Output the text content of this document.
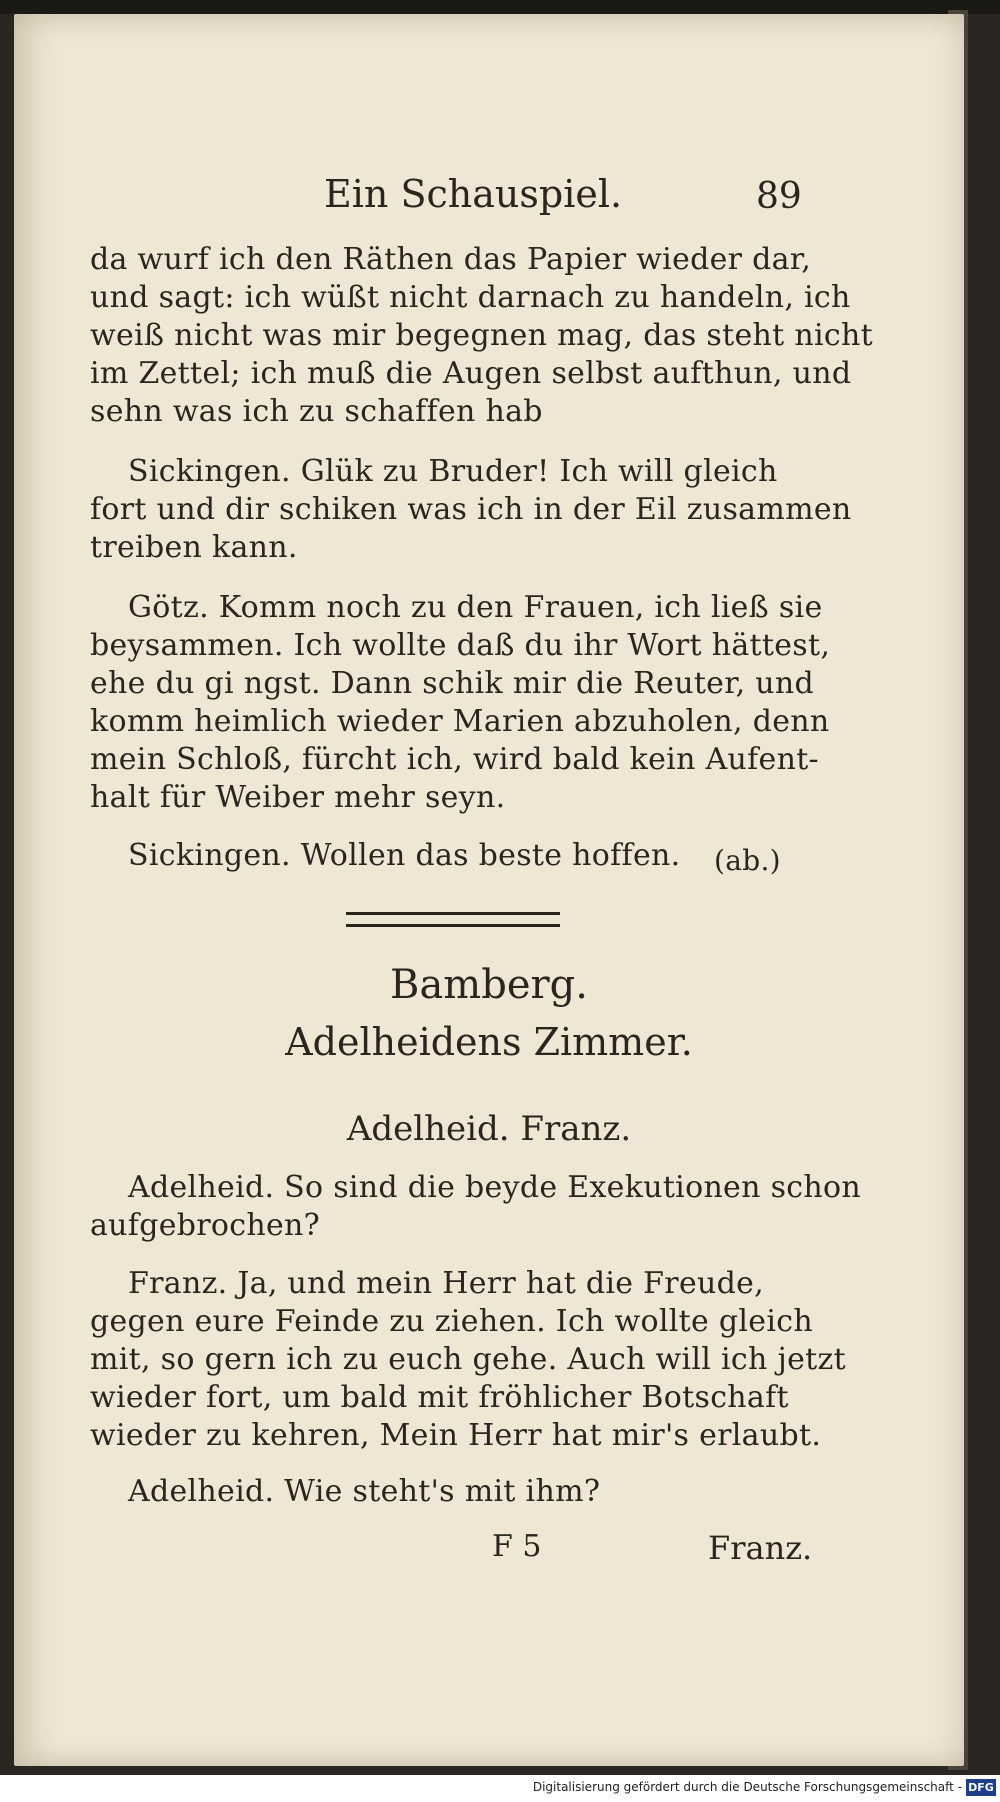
Ein Schauspiel.	89
da wurf ich den Räthen das Papier wieder dar,
und sagt: ich wüßt nicht darnach zu handeln, ich
weiß nicht was mir begegnen mag, das steht nicht
im Zettel; ich muß die Augen selbst aufthun, und
sehn was ich zu schaffen hab
Sickingen. Glük zu Bruder! Ich will gleich
fort und dir schiken was ich in der Eil zusammen
treiben kann.
Götz. Komm noch zu den Frauen, ich ließ sie
beysammen. Ich wollte daß du ihr Wort hättest,
ehe du gi ngst. Dann schik mir die Reuter, und
komm heimlich wieder Marien abzuholen, denn
mein Schloß, fürcht ich, wird bald kein Aufent-
halt für Weiber mehr seyn.
Sickingen. Wollen das beste hoffen. (ab.)
Bamberg.
Adelheidens Zimmer.
Adelheid. Franz.
Adelheid. So sind die beyde Exekutionen schon
aufgebrochen?
Franz. Ja, und mein Herr hat die Freude,
gegen eure Feinde zu ziehen. Ich wollte gleich
mit, so gern ich zu euch gehe. Auch will ich jetzt
wieder fort, um bald mit fröhlicher Botschaft
wieder zu kehren, Mein Herr hat mir's erlaubt.
Adelheid. Wie steht's mit ihm?
F 5	Franz.
Digitalisierung gefördert durch die Deutsche Forschungsgemeinschaft - DFG
